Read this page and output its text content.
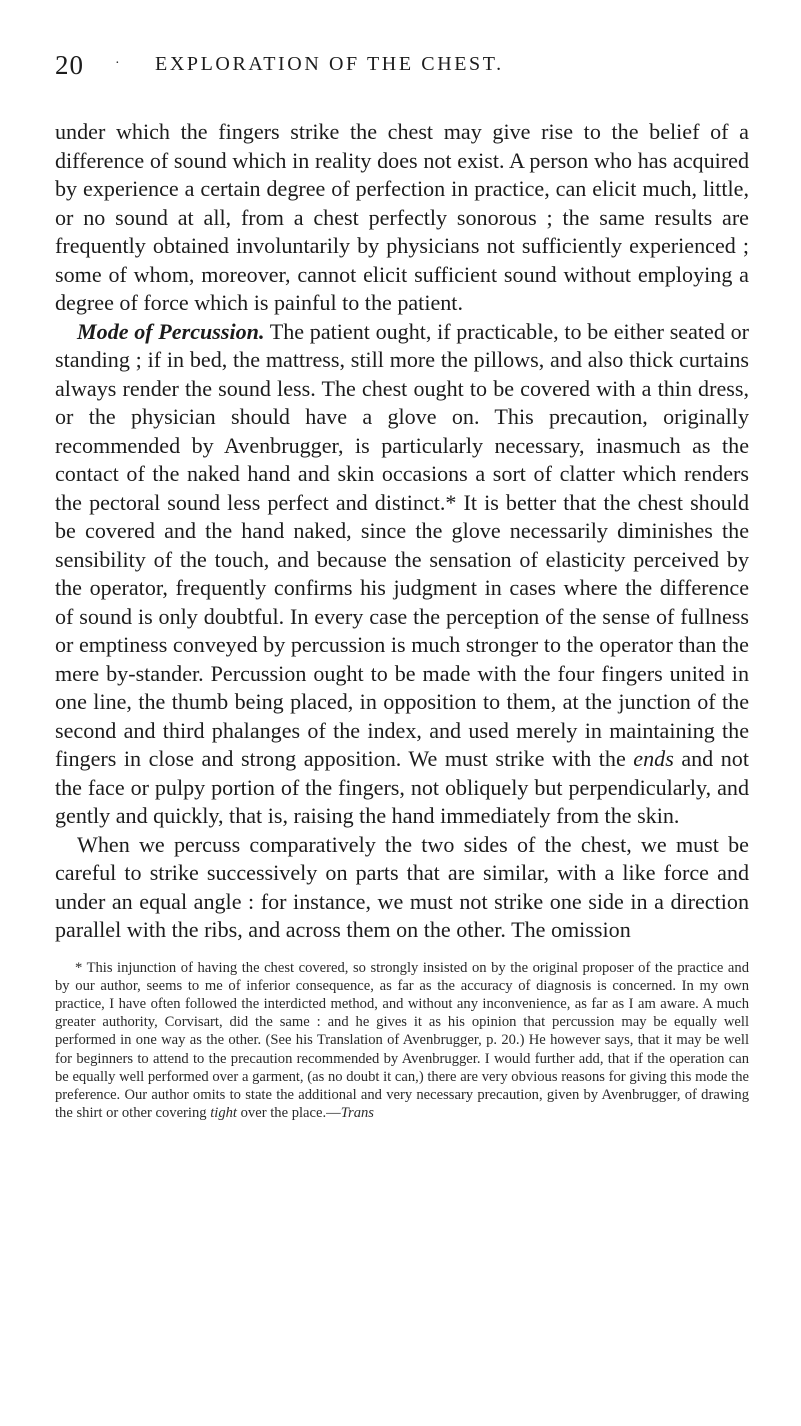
20 · EXPLORATION OF THE CHEST.

under which the fingers strike the chest may give rise to the belief of a difference of sound which in reality does not exist. A person who has acquired by experience a certain degree of perfection in practice, can elicit much, little, or no sound at all, from a chest perfectly sonorous ; the same results are frequently obtained involuntarily by physicians not sufficiently experienced ; some of whom, moreover, cannot elicit sufficient sound without employing a degree of force which is painful to the patient.

Mode of Percussion. The patient ought, if practicable, to be either seated or standing ; if in bed, the mattress, still more the pillows, and also thick curtains always render the sound less. The chest ought to be covered with a thin dress, or the physician should have a glove on. This precaution, originally recommended by Avenbrugger, is particularly necessary, inasmuch as the contact of the naked hand and skin occasions a sort of clatter which renders the pectoral sound less perfect and distinct.* It is better that the chest should be covered and the hand naked, since the glove necessarily diminishes the sensibility of the touch, and because the sensation of elasticity perceived by the operator, frequently confirms his judgment in cases where the difference of sound is only doubtful. In every case the perception of the sense of fullness or emptiness conveyed by percussion is much stronger to the operator than the mere by-stander. Percussion ought to be made with the four fingers united in one line, the thumb being placed, in opposition to them, at the junction of the second and third phalanges of the index, and used merely in maintaining the fingers in close and strong apposition. We must strike with the ends and not the face or pulpy portion of the fingers, not obliquely but perpendicularly, and gently and quickly, that is, raising the hand immediately from the skin.

When we percuss comparatively the two sides of the chest, we must be careful to strike successively on parts that are similar, with a like force and under an equal angle : for instance, we must not strike one side in a direction parallel with the ribs, and across them on the other. The omission

* This injunction of having the chest covered, so strongly insisted on by the original proposer of the practice and by our author, seems to me of inferior consequence, as far as the accuracy of diagnosis is concerned. In my own practice, I have often followed the interdicted method, and without any inconvenience, as far as I am aware. A much greater authority, Corvisart, did the same : and he gives it as his opinion that percussion may be equally well performed in one way as the other. (See his Translation of Avenbrugger, p. 20.) He however says, that it may be well for beginners to attend to the precaution recommended by Avenbrugger. I would further add, that if the operation can be equally well performed over a garment, (as no doubt it can,) there are very obvious reasons for giving this mode the preference. Our author omits to state the additional and very necessary precaution, given by Avenbrugger, of drawing the shirt or other covering tight over the place.—Trans
